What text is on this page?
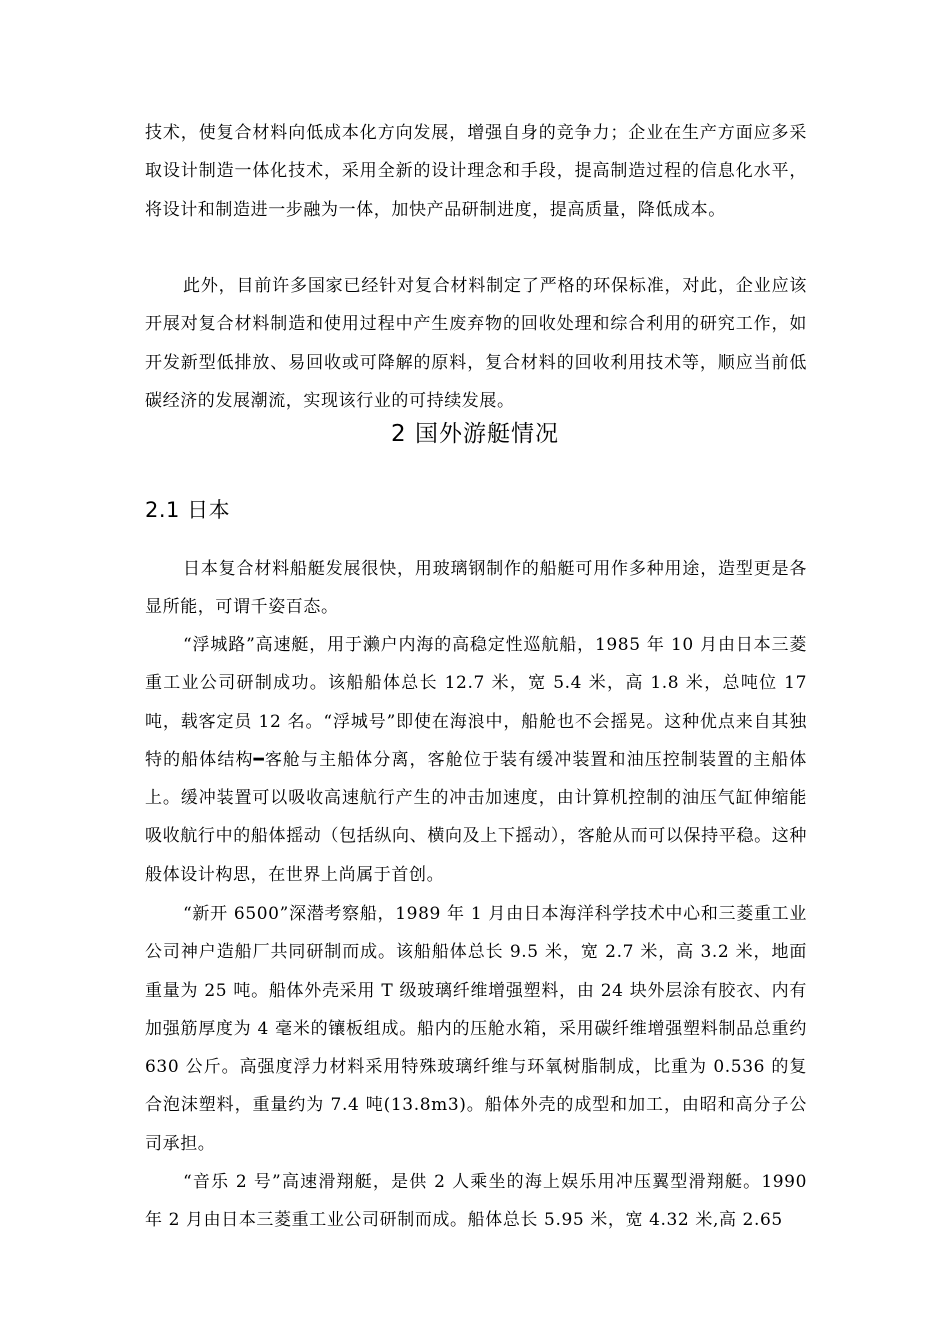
技术，使复合材料向低成本化方向发展，增强自身的竞争力；企业在生产方面应多采取设计制造一体化技术，采用全新的设计理念和手段，提高制造过程的信息化水平，将设计和制造进一步融为一体，加快产品研制进度，提高质量，降低成本。

此外，目前许多国家已经针对复合材料制定了严格的环保标准，对此，企业应该开展对复合材料制造和使用过程中产生废弃物的回收处理和综合利用的研究工作，如开发新型低排放、易回收或可降解的原料，复合材料的回收利用技术等，顺应当前低碳经济的发展潮流，实现该行业的可持续发展。

2 国外游艇情况
2.1 日本

日本复合材料船艇发展很快，用玻璃钢制作的船艇可用作多种用途，造型更是各显所能，可谓千姿百态。

“浮城路”高速艇，用于濑户内海的高稳定性巡航船，1985 年 10 月由日本三菱重工业公司研制成功。该船船体总长 12.7 米，宽 5.4 米，高 1.8 米，总吨位 17 吨，载客定员 12 名。“浮城号”即使在海浪中，船舱也不会摇晃。这种优点来自其独特的船体结构━客舱与主船体分离，客舱位于装有缓冲装置和油压控制装置的主船体上。缓冲装置可以吸收高速航行产生的冲击加速度，由计算机控制的油压气缸伸缩能吸收航行中的船体摇动（包括纵向、横向及上下摇动），客舱从而可以保持平稳。这种般体设计构思，在世界上尚属于首创。

“新开 6500”深潜考察船，1989 年 1 月由日本海洋科学技术中心和三菱重工业公司神户造船厂共同研制而成。该船船体总长 9.5 米，宽 2.7 米，高 3.2 米，地面重量为 25 吨。船体外壳采用 T 级玻璃纤维增强塑料，由 24 块外层涂有胶衣、内有加强筋厚度为 4 毫米的镶板组成。船内的压舱水箱，采用碳纤维增强塑料制品总重约 630 公斤。高强度浮力材料采用特殊玻璃纤维与环氧树脂制成，比重为 0.536 的复合泡沫塑料，重量约为 7.4 吨(13.8m3)。船体外壳的成型和加工，由昭和高分子公司承担。

“音乐 2 号”高速滑翔艇，是供 2 人乘坐的海上娱乐用冲压翼型滑翔艇。1990 年 2 月由日本三菱重工业公司研制而成。船体总长 5.95 米，宽 4.32 米,高 2.65
